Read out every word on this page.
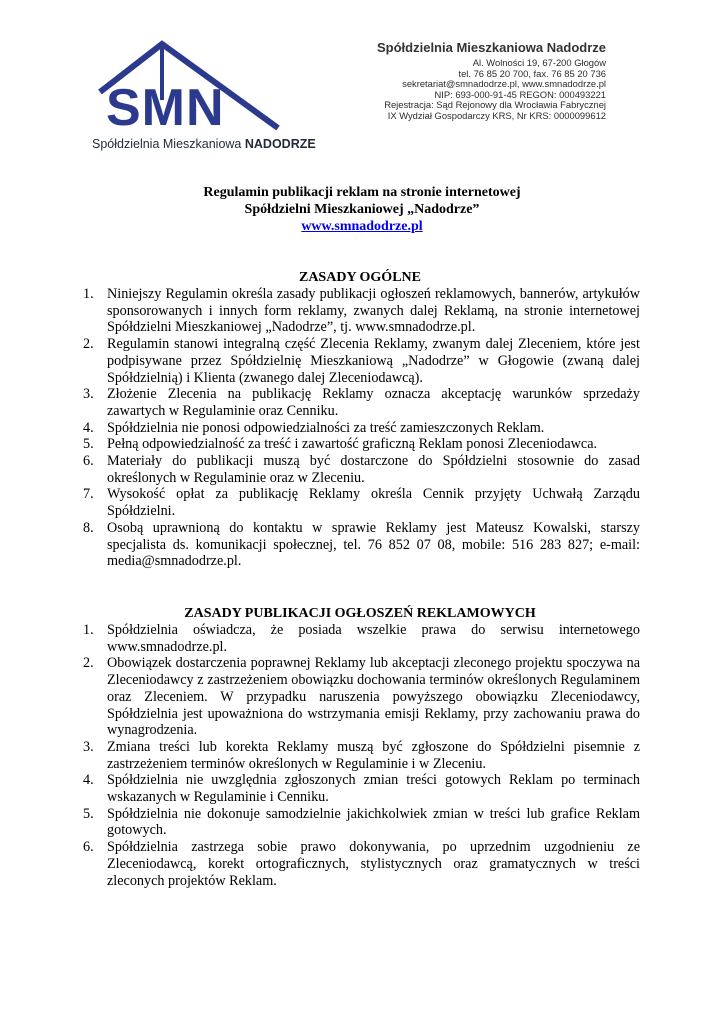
SMN
Spółdzielnia Mieszkaniowa NADODRZE
Spółdzielnia Mieszkaniowa Nadodrze
Al. Wolności 19, 67-200 Głogów
tel. 76 85 20 700, fax. 76 85 20 736
sekretariat@smnadodrze.pl, www.smnadodrze.pl
NIP: 693-000-91-45 REGON: 000493221
Rejestracja: Sąd Rejonowy dla Wrocławia Fabrycznej
IX Wydział Gospodarczy KRS, Nr KRS: 0000099612
Regulamin publikacji reklam na stronie internetowej
Spółdzielni Mieszkaniowej „Nadodrze”
www.smnadodrze.pl
ZASADY OGÓLNE
1. Niniejszy Regulamin określa zasady publikacji ogłoszeń reklamowych, bannerów, artykułów sponsorowanych i innych form reklamy, zwanych dalej Reklamą, na stronie internetowej Spółdzielni Mieszkaniowej „Nadodrze”, tj. www.smnadodrze.pl.
2. Regulamin stanowi integralną część Zlecenia Reklamy, zwanym dalej Zleceniem, które jest podpisywane przez Spółdzielnię Mieszkaniową „Nadodrze” w Głogowie (zwaną dalej Spółdzielnią) i Klienta (zwanego dalej Zleceniodawcą).
3. Złożenie Zlecenia na publikację Reklamy oznacza akceptację warunków sprzedaży zawartych w Regulaminie oraz Cenniku.
4. Spółdzielnia nie ponosi odpowiedzialności za treść zamieszczonych Reklam.
5. Pełną odpowiedzialność za treść i zawartość graficzną Reklam ponosi Zleceniodawca.
6. Materiały do publikacji muszą być dostarczone do Spółdzielni stosownie do zasad określonych w Regulaminie oraz w Zleceniu.
7. Wysokość opłat za publikację Reklamy określa Cennik przyjęty Uchwałą Zarządu Spółdzielni.
8. Osobą uprawnioną do kontaktu w sprawie Reklamy jest Mateusz Kowalski, starszy specjalista ds. komunikacji społecznej, tel. 76 852 07 08, mobile: 516 283 827; e-mail: media@smnadodrze.pl.
ZASADY PUBLIKACJI OGŁOSZEŃ REKLAMOWYCH
1. Spółdzielnia oświadcza, że posiada wszelkie prawa do serwisu internetowego www.smnadodrze.pl.
2. Obowiązek dostarczenia poprawnej Reklamy lub akceptacji zleconego projektu spoczywa na Zleceniodawcy z zastrzeżeniem obowiązku dochowania terminów określonych Regulaminem oraz Zleceniem. W przypadku naruszenia powyższego obowiązku Zleceniodawcy, Spółdzielnia jest upoważniona do wstrzymania emisji Reklamy, przy zachowaniu prawa do wynagrodzenia.
3. Zmiana treści lub korekta Reklamy muszą być zgłoszone do Spółdzielni pisemnie z zastrzeżeniem terminów określonych w Regulaminie i w Zleceniu.
4. Spółdzielnia nie uwzględnia zgłoszonych zmian treści gotowych Reklam po terminach wskazanych w Regulaminie i Cenniku.
5. Spółdzielnia nie dokonuje samodzielnie jakichkolwiek zmian w treści lub grafice Reklam gotowych.
6. Spółdzielnia zastrzega sobie prawo dokonywania, po uprzednim uzgodnieniu ze Zleceniodawcą, korekt ortograficznych, stylistycznych oraz gramatycznych w treści zleconych projektów Reklam.
